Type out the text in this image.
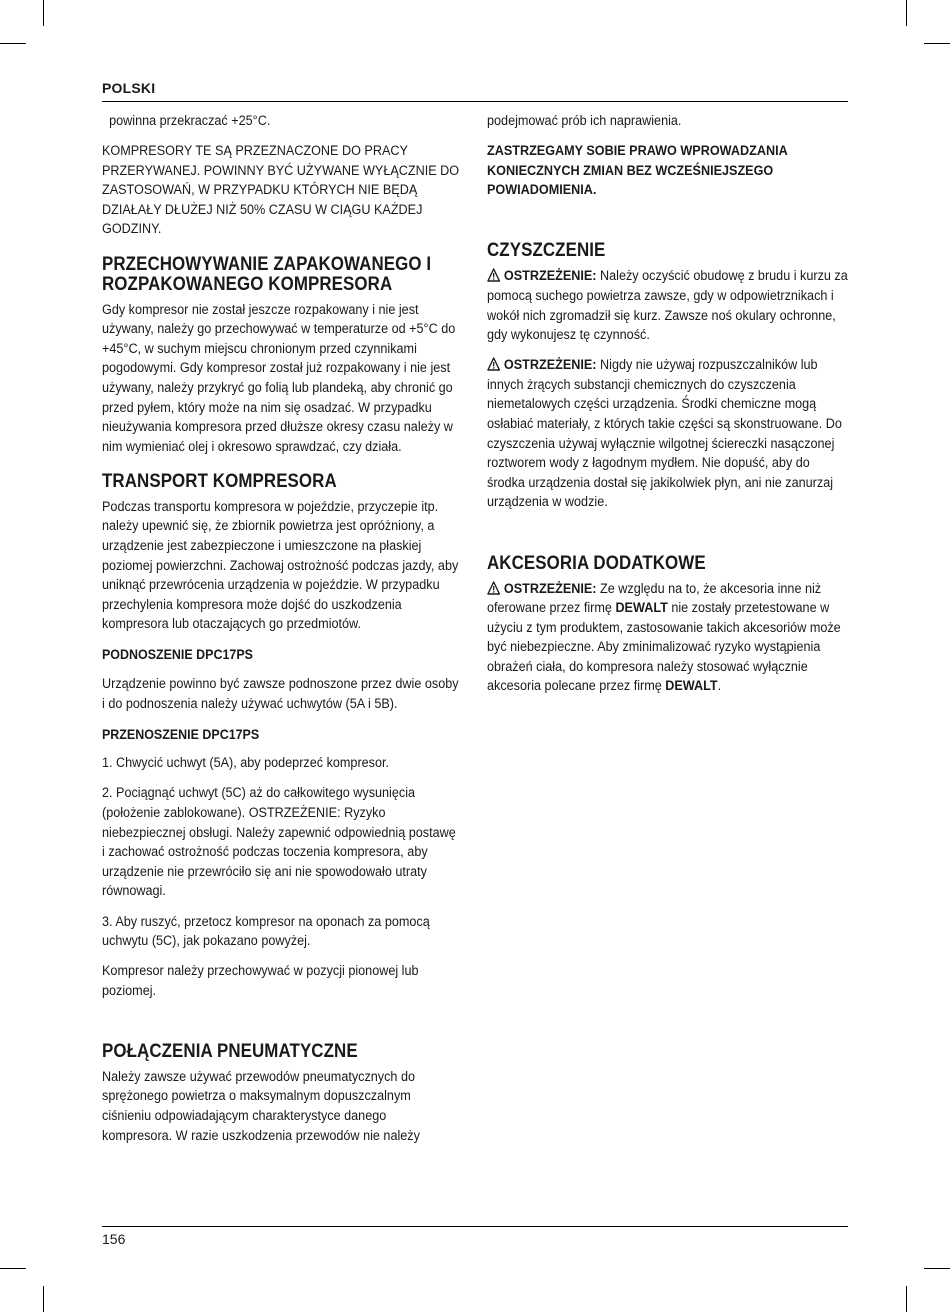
POLSKI

powinna przekraczać +25°C.

KOMPRESORY TE SĄ PRZEZNACZONE DO PRACY PRZERYWANEJ. POWINNY BYĆ UŻYWANE WYŁĄCZNIE DO ZASTOSOWAŃ, W PRZYPADKU KTÓRYCH NIE BĘDĄ DZIAŁAŁY DŁUŻEJ NIŻ 50% CZASU W CIĄGU KAŻDEJ GODZINY.

PRZECHOWYWANIE ZAPAKOWANEGO I ROZPAKOWANEGO KOMPRESORA

Gdy kompresor nie został jeszcze rozpakowany i nie jest używany, należy go przechowywać w temperaturze od +5°C do +45°C, w suchym miejscu chronionym przed czynnikami pogodowymi. Gdy kompresor został już rozpakowany i nie jest używany, należy przykryć go folią lub plandeką, aby chronić go przed pyłem, który może na nim się osadzać. W przypadku nieużywania kompresora przed dłuższe okresy czasu należy w nim wymieniać olej i okresowo sprawdzać, czy działa.

TRANSPORT KOMPRESORA

Podczas transportu kompresora w pojeździe, przyczepie itp. należy upewnić się, że zbiornik powietrza jest opróżniony, a urządzenie jest zabezpieczone i umieszczone na płaskiej poziomej powierzchni. Zachowaj ostrożność podczas jazdy, aby uniknąć przewrócenia urządzenia w pojeździe. W przypadku przechylenia kompresora może dojść do uszkodzenia kompresora lub otaczających go przedmiotów.

PODNOSZENIE DPC17PS

Urządzenie powinno być zawsze podnoszone przez dwie osoby i do podnoszenia należy używać uchwytów (5A i 5B).

PRZENOSZENIE DPC17PS

1. Chwycić uchwyt (5A), aby podeprzeć kompresor.

2. Pociągnąć uchwyt (5C) aż do całkowitego wysunięcia (położenie zablokowane). OSTRZEŻENIE: Ryzyko niebezpiecznej obsługi. Należy zapewnić odpowiednią postawę i zachować ostrożność podczas toczenia kompresora, aby urządzenie nie przewróciło się ani nie spowodowało utraty równowagi.

3. Aby ruszyć, przetocz kompresor na oponach za pomocą uchwytu (5C), jak pokazano powyżej.

Kompresor należy przechowywać w pozycji pionowej lub poziomej.

POŁĄCZENIA PNEUMATYCZNE

Należy zawsze używać przewodów pneumatycznych do sprężonego powietrza o maksymalnym dopuszczalnym ciśnieniu odpowiadającym charakterystyce danego kompresora. W razie uszkodzenia przewodów nie należy

podejmować prób ich naprawienia.

ZASTRZEGAMY SOBIE PRAWO WPROWADZANIA KONIECZNYCH ZMIAN BEZ WCZEŚNIEJSZEGO POWIADOMIENIA.

CZYSZCZENIE

OSTRZEŻENIE: Należy oczyścić obudowę z brudu i kurzu za pomocą suchego powietrza zawsze, gdy w odpowietrznikach i wokół nich zgromadził się kurz. Zawsze noś okulary ochronne, gdy wykonujesz tę czynność.

OSTRZEŻENIE: Nigdy nie używaj rozpuszczalników lub innych żrących substancji chemicznych do czyszczenia niemetalowych części urządzenia. Środki chemiczne mogą osłabiać materiały, z których takie części są skonstruowane. Do czyszczenia używaj wyłącznie wilgotnej ściereczki nasączonej roztworem wody z łagodnym mydłem. Nie dopuść, aby do środka urządzenia dostał się jakikolwiek płyn, ani nie zanurzaj urządzenia w wodzie.

AKCESORIA DODATKOWE

OSTRZEŻENIE: Ze względu na to, że akcesoria inne niż oferowane przez firmę DEWALT nie zostały przetestowane w użyciu z tym produktem, zastosowanie takich akcesoriów może być niebezpieczne. Aby zminimalizować ryzyko wystąpienia obrażeń ciała, do kompresora należy stosować wyłącznie akcesoria polecane przez firmę DEWALT.

156
